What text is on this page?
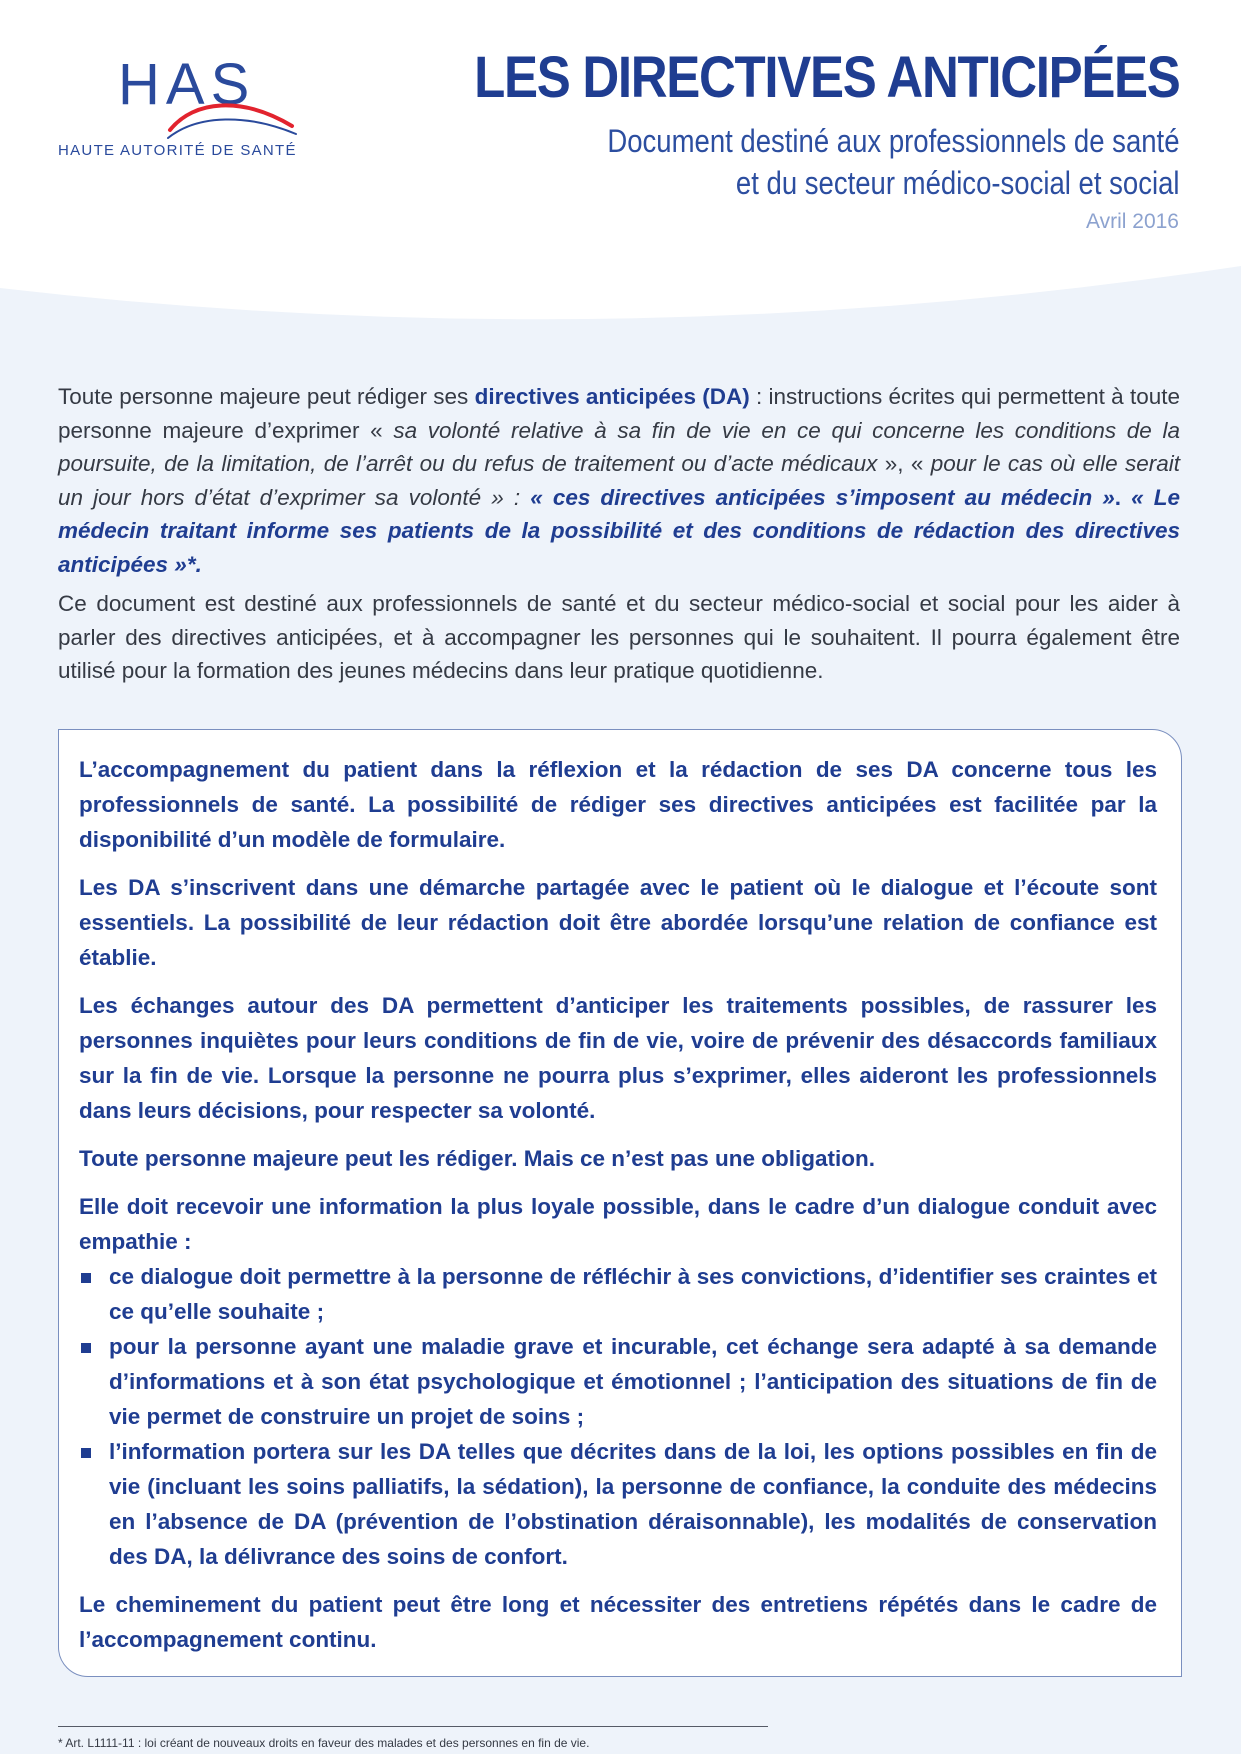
HAS
HAUTE AUTORITÉ DE SANTÉ
LES DIRECTIVES ANTICIPÉES
Document destiné aux professionnels de santé
et du secteur médico-social et social
Avril 2016

Toute personne majeure peut rédiger ses directives anticipées (DA) : instructions écrites qui permettent à toute personne majeure d’exprimer « sa volonté relative à sa fin de vie en ce qui concerne les conditions de la poursuite, de la limitation, de l’arrêt ou du refus de traitement ou d’acte médicaux », « pour le cas où elle serait un jour hors d’état d’exprimer sa volonté » : « ces directives anticipées s’imposent au médecin ». « Le médecin traitant informe ses patients de la possibilité et des conditions de rédaction des directives anticipées »*.

Ce document est destiné aux professionnels de santé et du secteur médico-social et social pour les aider à parler des directives anticipées, et à accompagner les personnes qui le souhaitent. Il pourra également être utilisé pour la formation des jeunes médecins dans leur pratique quotidienne.

L’accompagnement du patient dans la réflexion et la rédaction de ses DA concerne tous les professionnels de santé. La possibilité de rédiger ses directives anticipées est facilitée par la disponibilité d’un modèle de formulaire.

Les DA s’inscrivent dans une démarche partagée avec le patient où le dialogue et l’écoute sont essentiels. La possibilité de leur rédaction doit être abordée lorsqu’une relation de confiance est établie.

Les échanges autour des DA permettent d’anticiper les traitements possibles, de rassurer les personnes inquiètes pour leurs conditions de fin de vie, voire de prévenir des désaccords familiaux sur la fin de vie. Lorsque la personne ne pourra plus s’exprimer, elles aideront les professionnels dans leurs décisions, pour respecter sa volonté.

Toute personne majeure peut les rédiger. Mais ce n’est pas une obligation.

Elle doit recevoir une information la plus loyale possible, dans le cadre d’un dialogue conduit avec empathie :

ce dialogue doit permettre à la personne de réfléchir à ses convictions, d’identifier ses craintes et ce qu’elle souhaite ;
pour la personne ayant une maladie grave et incurable, cet échange sera adapté à sa demande d’informations et à son état psychologique et émotionnel ; l’anticipation des situations de fin de vie permet de construire un projet de soins ;
l’information portera sur les DA telles que décrites dans de la loi, les options possibles en fin de vie (incluant les soins palliatifs, la sédation), la personne de confiance, la conduite des médecins en l’absence de DA (prévention de l’obstination déraisonnable), les modalités de conservation des DA, la délivrance des soins de confort.

Le cheminement du patient peut être long et nécessiter des entretiens répétés dans le cadre de l’accompagnement continu.

* Art. L1111-11 : loi créant de nouveaux droits en faveur des malades et des personnes en fin de vie.
